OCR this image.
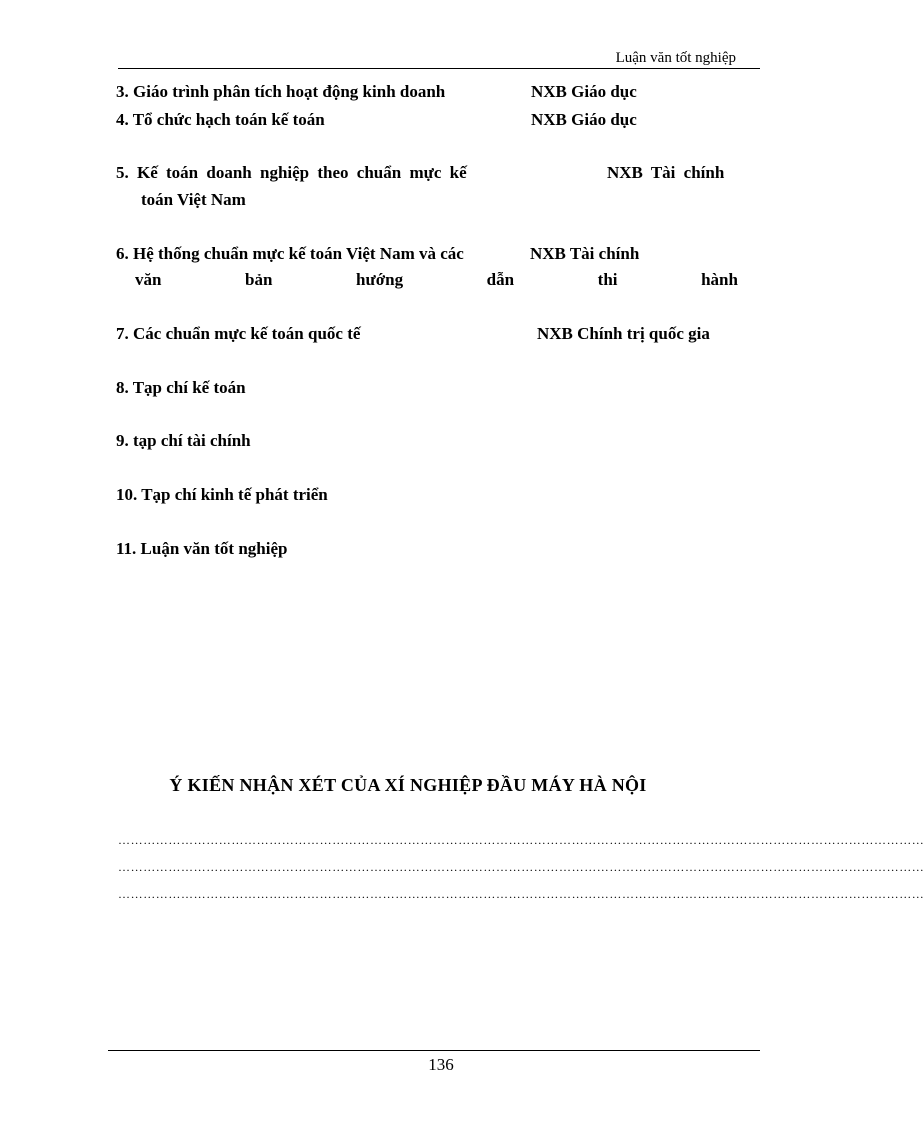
Luận văn tốt nghiệp
3. Giáo trình phân tích hoạt động kinh doanh	NXB Giáo dục
4. Tổ chức hạch toán kế toán	NXB Giáo dục
5. Kế toán doanh nghiệp theo chuẩn mực kế	NXB Tài chính
toán Việt Nam
6. Hệ thống chuẩn mực kế toán Việt Nam và các	NXB Tài chính
văn	bản	hướng	dẫn	thi	hành
7. Các chuẩn mực kế toán quốc tế	NXB Chính trị quốc gia
8. Tạp chí kế toán
9. tạp chí tài chính
10. Tạp chí kinh tế phát triển
11. Luận văn tốt nghiệp
Ý KIẾN NHẬN XÉT CỦA XÍ NGHIỆP ĐẦU MÁY HÀ NỘI
…………………………………………………………………………………………………………………………………………………………………………
…………………………………………………………………………………………………………………………………………………………………………
…………………………………………………………………………………………………………………………………………………………………………
136
